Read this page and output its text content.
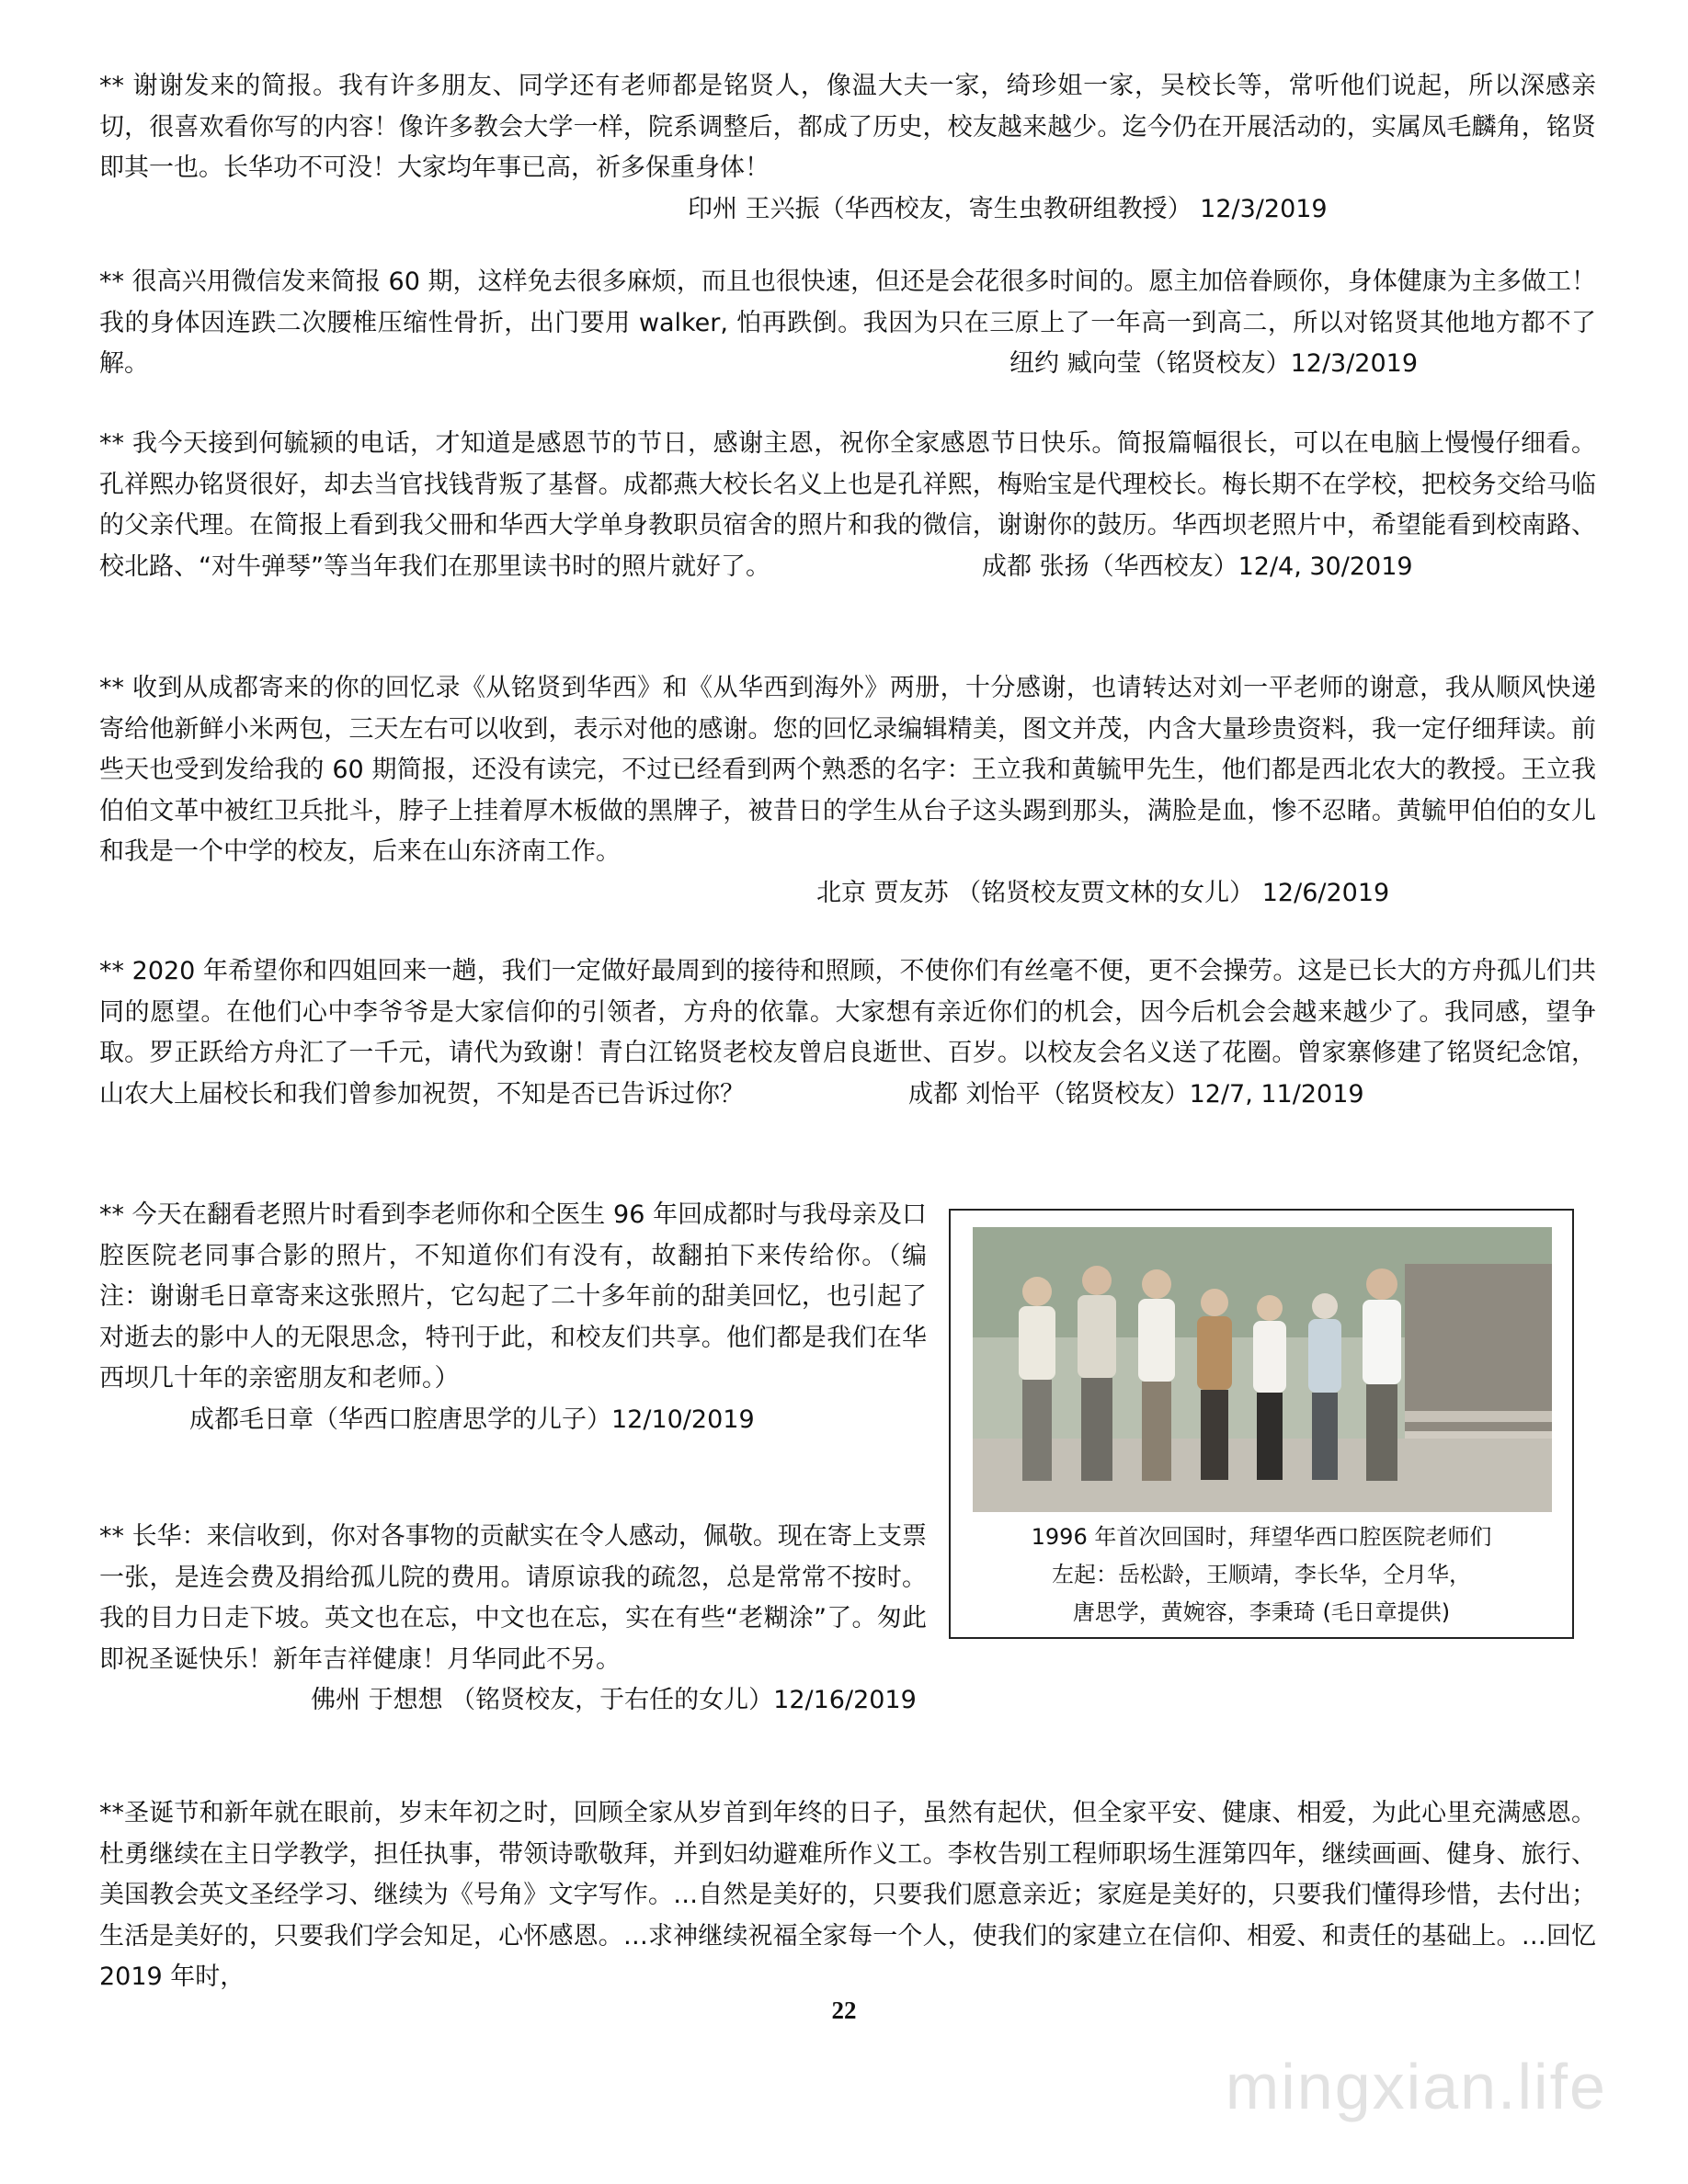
** 谢谢发来的简报。我有许多朋友、同学还有老师都是铭贤人，像温大夫一家，绮珍姐一家，吴校长等，常听他们说起，所以深感亲切，很喜欢看你写的内容！像许多教会大学一样，院系调整后，都成了历史，校友越来越少。迄今仍在开展活动的，实属凤毛麟角，铭贤即其一也。长华功不可没！大家均年事已高，祈多保重身体！

印州 王兴振（华西校友，寄生虫教研组教授） 12/3/2019

** 很高兴用微信发来简报 60 期，这样免去很多麻烦，而且也很快速，但还是会花很多时间的。愿主加倍眷顾你，身体健康为主多做工！我的身体因连跌二次腰椎压缩性骨折，出门要用 walker, 怕再跌倒。我因为只在三原上了一年高一到高二，所以对铭贤其他地方都不了解。	纽约 臧向莹（铭贤校友）12/3/2019

** 我今天接到何毓颍的电话，才知道是感恩节的节日，感谢主恩，祝你全家感恩节日快乐。简报篇幅很长，可以在电脑上慢慢仔细看。孔祥熙办铭贤很好，却去当官找钱背叛了基督。成都燕大校长名义上也是孔祥熙，梅贻宝是代理校长。梅长期不在学校，把校务交给马临的父亲代理。在简报上看到我父冊和华西大学单身教职员宿舍的照片和我的微信，谢谢你的鼓历。华西坝老照片中，希望能看到校南路、校北路、“对牛弹琴”等当年我们在那里读书时的照片就好了。	成都 张扬（华西校友）12/4, 30/2019

** 收到从成都寄来的你的回忆录《从铭贤到华西》和《从华西到海外》两册，十分感谢，也请转达对刘一平老师的谢意，我从顺风快递寄给他新鲜小米两包，三天左右可以收到，表示对他的感谢。您的回忆录编辑精美，图文并茂，内含大量珍贵资料，我一定仔细拜读。前些天也受到发给我的 60 期简报，还没有读完，不过已经看到两个熟悉的名字：王立我和黄毓甲先生，他们都是西北农大的教授。王立我伯伯文革中被红卫兵批斗，脖子上挂着厚木板做的黑牌子，被昔日的学生从台子这头踢到那头，满脸是血，惨不忍睹。黄毓甲伯伯的女儿和我是一个中学的校友，后来在山东济南工作。

北京 贾友苏 （铭贤校友贾文林的女儿） 12/6/2019

** 2020 年希望你和四姐回来一趟，我们一定做好最周到的接待和照顾，不使你们有丝毫不便，更不会操劳。这是已长大的方舟孤儿们共同的愿望。在他们心中李爷爷是大家信仰的引领者，方舟的依靠。大家想有亲近你们的机会，因今后机会会越来越少了。我同感，望争取。罗正跃给方舟汇了一千元，请代为致谢！青白江铭贤老校友曾启良逝世、百岁。以校友会名义送了花圈。曾家寨修建了铭贤纪念馆，山农大上届校长和我们曾参加祝贺，不知是否已告诉过你？	成都 刘怡平（铭贤校友）12/7, 11/2019

** 今天在翻看老照片时看到李老师你和仝医生 96 年回成都时与我母亲及口腔医院老同事合影的照片，不知道你们有没有，故翻拍下来传给你。（编注：谢谢毛日章寄来这张照片，它勾起了二十多年前的甜美回忆，也引起了对逝去的影中人的无限思念，特刊于此，和校友们共享。他们都是我们在华西坝几十年的亲密朋友和老师。）

成都毛日章（华西口腔唐思学的儿子）12/10/2019

** 长华：来信收到，你对各事物的贡献实在令人感动，佩敬。现在寄上支票一张，是连会费及捐给孤儿院的费用。请原谅我的疏忽，总是常常不按时。我的目力日走下坡。英文也在忘，中文也在忘，实在有些“老糊涂”了。匆此即祝圣诞快乐！新年吉祥健康！月华同此不另。

佛州 于想想 （铭贤校友，于右任的女儿）12/16/2019

**圣诞节和新年就在眼前，岁末年初之时，回顾全家从岁首到年终的日子，虽然有起伏，但全家平安、健康、相爱，为此心里充满感恩。杜勇继续在主日学教学，担任执事，带领诗歌敬拜，并到妇幼避难所作义工。李枚告别工程师职场生涯第四年，继续画画、健身、旅行、美国教会英文圣经学习、继续为《号角》文字写作。…自然是美好的，只要我们愿意亲近；家庭是美好的，只要我们懂得珍惜，去付出；生活是美好的，只要我们学会知足，心怀感恩。…求神继续祝福全家每一个人，使我们的家建立在信仰、相爱、和责任的基础上。…回忆 2019 年时，

1996 年首次回国时，拜望华西口腔医院老师们
左起：岳松龄，王顺靖，李长华，仝月华，
唐思学，黄婉容，李秉琦 (毛日章提供)
22
mingxian.life
